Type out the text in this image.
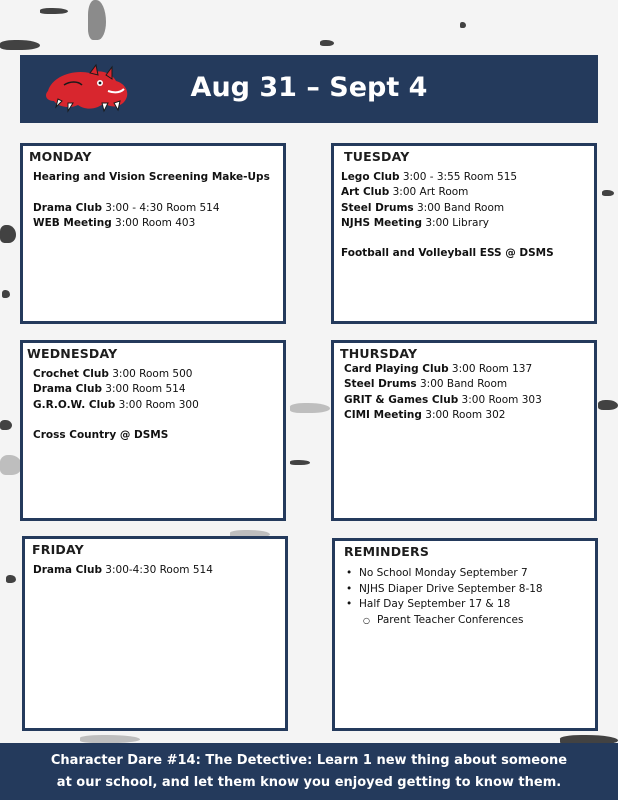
Aug 31 – Sept 4
MONDAY
Hearing and Vision Screening Make-Ups
Drama Club 3:00 - 4:30 Room 514
WEB Meeting 3:00 Room 403
TUESDAY
Lego Club 3:00 - 3:55 Room 515
Art Club 3:00 Art Room
Steel Drums 3:00 Band Room
NJHS Meeting 3:00 Library
Football and Volleyball ESS @ DSMS
WEDNESDAY
Crochet Club 3:00 Room 500
Drama Club 3:00 Room 514
G.R.O.W. Club 3:00 Room 300
Cross Country @ DSMS
THURSDAY
Card Playing Club 3:00 Room 137
Steel Drums 3:00 Band Room
GRIT & Games Club 3:00 Room 303
CIMI Meeting 3:00 Room 302
FRIDAY
Drama Club 3:00-4:30 Room 514
REMINDERS
• No School Monday September 7
• NJHS Diaper Drive September 8-18
• Half Day September 17 & 18
○ Parent Teacher Conferences
Character Dare #14: The Detective: Learn 1 new thing about someone
at our school, and let them know you enjoyed getting to know them.
